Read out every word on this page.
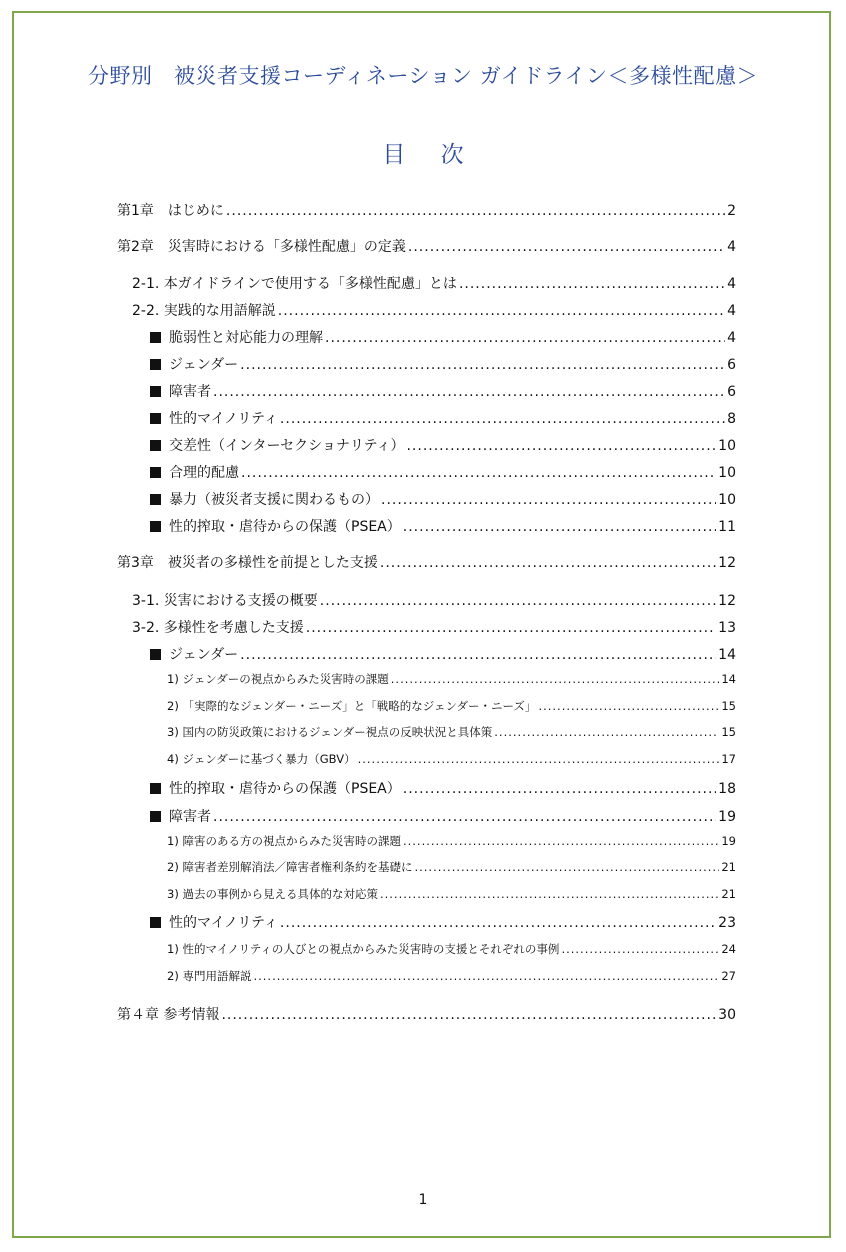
分野別　被災者支援コーディネーション ガイドライン＜多様性配慮＞
目 次
第1章　はじめに .....	2
第2章　災害時における「多様性配慮」の定義 .....	4
2-1. 本ガイドラインで使用する「多様性配慮」とは .....	4
2-2. 実践的な用語解説 .....	4
脆弱性と対応能力の理解 .....	4
ジェンダー .....	6
障害者 .....	6
性的マイノリティ .....	8
交差性（インターセクショナリティ） .....	10
合理的配慮 .....	10
暴力（被災者支援に関わるもの） .....	10
性的搾取・虐待からの保護（PSEA） .....	11
第3章　被災者の多様性を前提とした支援 .....	12
3-1. 災害における支援の概要 .....	12
3-2. 多様性を考慮した支援 .....	13
ジェンダー .....	14
1) ジェンダーの視点からみた災害時の課題 .....	14
2) 「実際的なジェンダー・ニーズ」と「戦略的なジェンダー・ニーズ」 .....	15
3) 国内の防災政策におけるジェンダー視点の反映状況と具体策 .....	15
4) ジェンダーに基づく暴力（GBV） .....	17
性的搾取・虐待からの保護（PSEA） .....	18
障害者 .....	19
1) 障害のある方の視点からみた災害時の課題 .....	19
2) 障害者差別解消法／障害者権利条約を基礎に .....	21
3) 過去の事例から見える具体的な対応策 .....	21
性的マイノリティ .....	23
1) 性的マイノリティの人びとの視点からみた災害時の支援とそれぞれの事例 .....	24
2) 専門用語解説 .....	27
第４章 参考情報 .....	30
1
